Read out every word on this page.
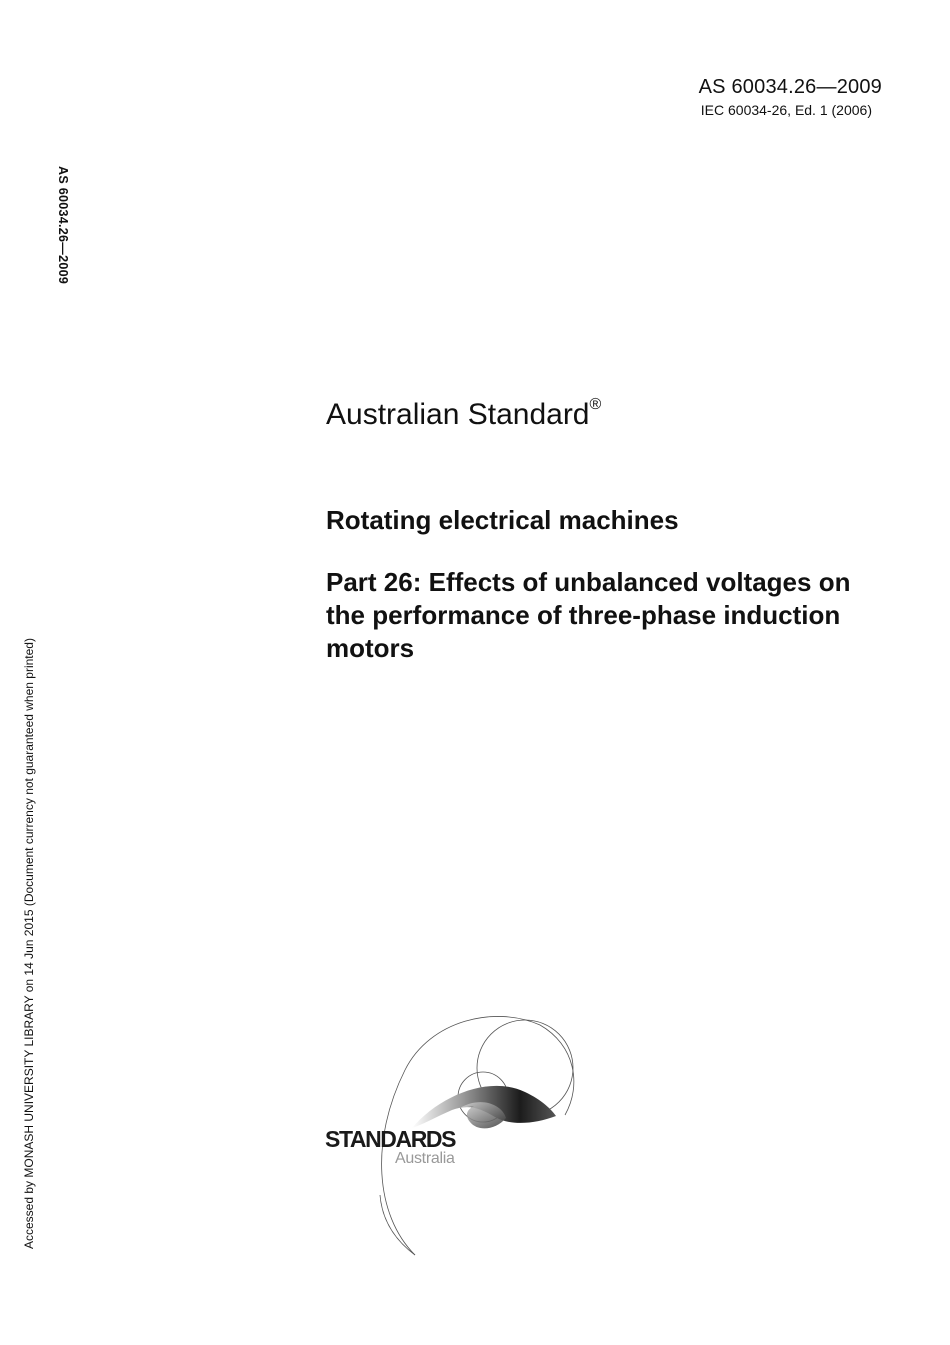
AS 60034.26—2009
IEC 60034-26, Ed. 1 (2006)
AS 60034.26—2009
Accessed by MONASH UNIVERSITY LIBRARY on 14 Jun 2015 (Document currency not guaranteed when printed)
Australian Standard®
Rotating electrical machines
Part 26: Effects of unbalanced voltages on the performance of three-phase induction motors
STANDARDS
Australia
